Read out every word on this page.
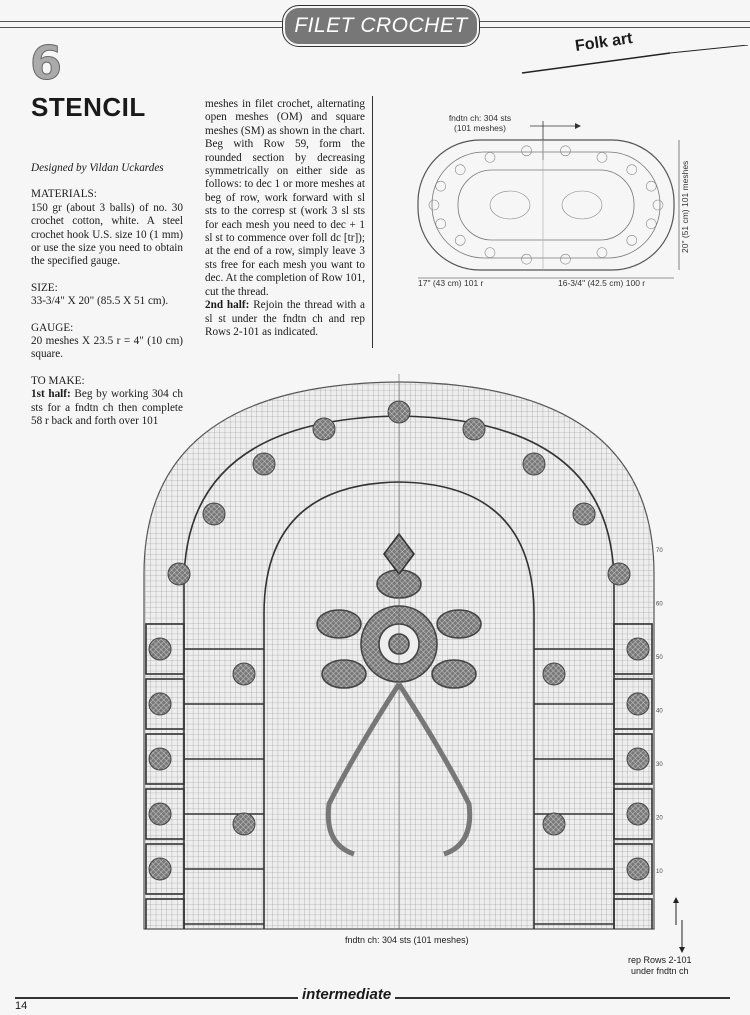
FILET CROCHET
Folk art
6
STENCIL

Designed by Vildan Uckardes

MATERIALS:

150 gr (about 3 balls) of no. 30 crochet cotton, white. A steel crochet hook U.S. size 10 (1 mm) or use the size you need to obtain the specified gauge.

SIZE:

33-3/4" X 20" (85.5 X 51 cm).

GAUGE:

20 meshes X 23.5 r = 4" (10 cm) square.

TO MAKE:

1st half: Beg by working 304 ch sts for a fndtn ch then complete 58 r back and forth over 101

meshes in filet crochet, alternating open meshes (OM) and square meshes (SM) as shown in the chart. Beg with Row 59, form the rounded section by decreasing symmetrically on either side as follows: to dec 1 or more meshes at beg of row, work forward with sl sts to the corresp st (work 3 sl sts for each mesh you need to dec + 1 sl st to commence over foll dc [tr]); at the end of a row, simply leave 3 sts free for each mesh you want to dec. At the completion of Row 101, cut the thread.

2nd half: Rejoin the thread with a sl st under the fndtn ch and rep Rows 2-101 as indicated.

fndtn ch: 304 sts
(101 meshes)
17" (43 cm) 101 r	16-3/4" (42.5 cm) 100 r
20" (51 cm) 101 meshes
70
60
50
40
30
20
10
fndtn ch: 304 sts (101 meshes)
rep Rows 2-101
under fndtn ch
intermediate
14
